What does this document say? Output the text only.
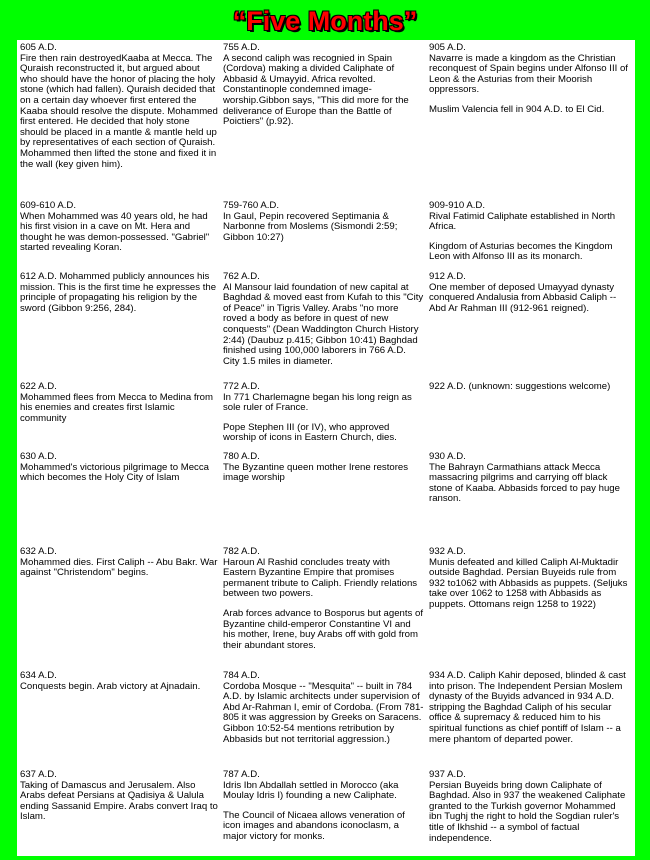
“Five Months”

605 A.D.
Fire then rain destroyedKaaba at Mecca. The Quraish reconstructed it, but argued about who should have the honor of placing the holy stone (which had fallen). Quraish decided that on a certain day whoever first entered the Kaaba should resolve the dispute. Mohammed first entered. He decided that holy stone should be placed in a mantle & mantle held up by representatives of each section of Quraish. Mohammed then lifted the stone and fixed it in the wall (key given him).

755 A.D.
A second caliph was recognied in Spain (Cordova) making a divided Caliphate of Abbasid & Umayyid. Africa revolted. Constantinople condemned image-worship.Gibbon says, "This did more for the deliverance of Europe than the Battle of Poictiers" (p.92).

905 A.D.
Navarre is made a kingdom as the Christian reconquest of Spain begins under Alfonso III of Leon & the Asturias from their Moorish oppressors.

Muslim Valencia fell in 904 A.D. to El Cid.

609-610 A.D.
When Mohammed was 40 years old, he had his first vision in a cave on Mt. Hera and thought he was demon-possessed. "Gabriel" started revealing Koran.

759-760 A.D.
In Gaul, Pepin recovered Septimania & Narbonne from Moslems (Sismondi 2:59; Gibbon 10:27)

909-910 A.D.
Rival Fatimid Caliphate established in North Africa.

Kingdom of Asturias becomes the Kingdom Leon with Alfonso III as its monarch.

612 A.D. Mohammed publicly announces his mission. This is the first time he expresses the principle of propagating his religion by the sword (Gibbon 9:256, 284).

762 A.D.
Al Mansour laid foundation of new capital at Baghdad & moved east from Kufah to this "City of Peace" in Tigris Valley. Arabs "no more roved a body as before in quest of new conquests" (Dean Waddington Church History 2:44) (Daubuz p.415; Gibbon 10:41) Baghdad finished using 100,000 laborers in 766 A.D. City 1.5 miles in diameter.

912 A.D.
One member of deposed Umayyad dynasty conquered Andalusia from Abbasid Caliph -- Abd Ar Rahman III (912-961 reigned).

622 A.D.
Mohammed flees from Mecca to Medina from his enemies and creates first Islamic community

772 A.D.
In 771 Charlemagne began his long reign as sole ruler of France.

Pope Stephen III (or IV), who approved worship of icons in Eastern Church, dies.

922 A.D. (unknown: suggestions welcome)

630 A.D.
Mohammed's victorious pilgrimage to Mecca which becomes the Holy City of Islam

780 A.D.
The Byzantine queen mother Irene restores image worship

930 A.D.
The Bahrayn Carmathians attack Mecca massacring pilgrims and carrying off black stone of Kaaba. Abbasids forced to pay huge ranson.

632 A.D.
Mohammed dies. First Caliph -- Abu Bakr. War against "Christendom" begins.

782 A.D.
Haroun Al Rashid concludes treaty with Eastern Byzantine Empire that promises permanent tribute to Caliph. Friendly relations between two powers.

Arab forces advance to Bosporus but agents of Byzantine child-emperor Constantine VI and his mother, Irene, buy Arabs off with gold from their abundant stores.

932 A.D.
Munis defeated and killed Caliph Al-Muktadir outside Baghdad. Persian Buyeids rule from 932 to1062 with Abbasids as puppets. (Seljuks take over 1062 to 1258 with Abbasids as puppets. Ottomans reign 1258 to 1922)

634 A.D.
Conquests begin. Arab victory at Ajnadain.

784 A.D.
Cordoba Mosque -- "Mesquita" -- built in 784 A.D. by Islamic architects under supervision of Abd Ar-Rahman I, emir of Cordoba. (From 781-805 it was aggression by Greeks on Saracens. Gibbon 10:52-54 mentions retribution by Abbasids but not territorial aggression.)

934 A.D. Caliph Kahir deposed, blinded & cast into prison. The Independent Persian Moslem dynasty of the Buyids advanced in 934 A.D. stripping the Baghdad Caliph of his secular office & supremacy & reduced him to his spiritual functions as chief pontiff of Islam -- a mere phantom of departed power.

637 A.D.
Taking of Damascus and Jerusalem. Also Arabs defeat Persians at Qadisiya & Ualula ending Sassanid Empire. Arabs convert Iraq to Islam.

787 A.D.
Idris Ibn Abdallah settled in Morocco (aka Moulay Idris I) founding a new Caliphate.

The Council of Nicaea allows veneration of icon images and abandons iconoclasm, a major victory for monks.

937 A.D.
Persian Buyeids bring down Caliphate of Baghdad. Also in 937 the weakened Caliphate granted to the Turkish governor Mohammed ibn Tughj the right to hold the Sogdian ruler's title of Ikhshid -- a symbol of factual independence.
